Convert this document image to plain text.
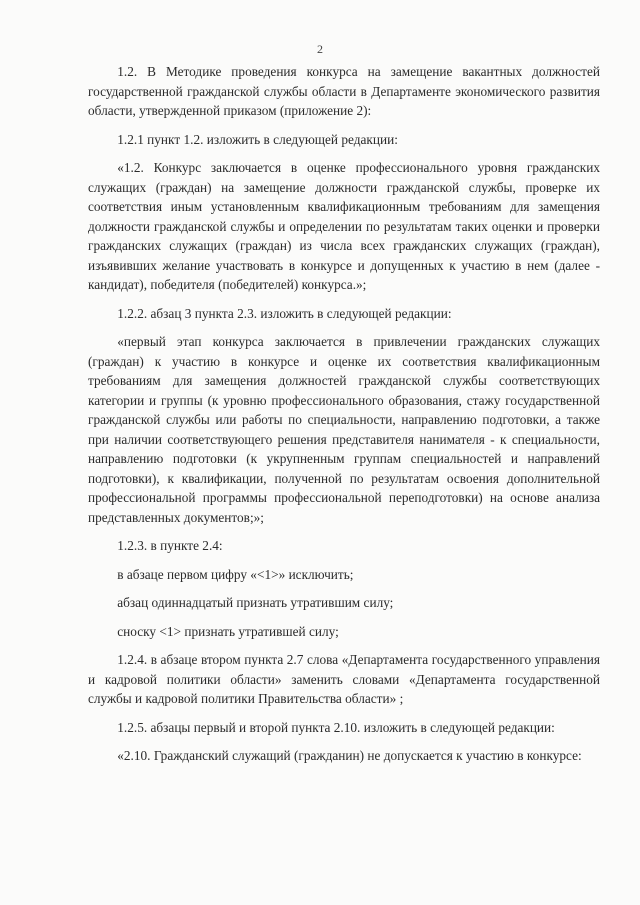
2

1.2. В Методике проведения конкурса на замещение вакантных должностей государственной гражданской службы области в Департаменте экономического развития области, утвержденной приказом (приложение 2):

1.2.1 пункт 1.2. изложить в следующей редакции:

«1.2. Конкурс заключается в оценке профессионального уровня гражданских служащих (граждан) на замещение должности гражданской службы, проверке их соответствия иным установленным квалификационным требованиям для замещения должности гражданской службы и определении по результатам таких оценки и проверки гражданских служащих (граждан) из числа всех гражданских служащих (граждан), изъявивших желание участвовать в конкурсе и допущенных к участию в нем (далее - кандидат), победителя (победителей) конкурса.»;

1.2.2. абзац 3 пункта 2.3. изложить в следующей редакции:

«первый этап конкурса заключается в привлечении гражданских служащих (граждан) к участию в конкурсе и оценке их соответствия квалификационным требованиям для замещения должностей гражданской службы соответствующих категории и группы (к уровню профессионального образования, стажу государственной гражданской службы или работы по специальности, направлению подготовки, а также при наличии соответствующего решения представителя нанимателя - к специальности, направлению подготовки (к укрупненным группам специальностей и направлений подготовки), к квалификации, полученной по результатам освоения дополнительной профессиональной программы профессиональной переподготовки) на основе анализа представленных документов;»;

1.2.3. в пункте 2.4:

в абзаце первом цифру «<1>» исключить;

абзац одиннадцатый признать утратившим силу;

сноску <1> признать утратившей силу;

1.2.4. в абзаце втором пункта 2.7 слова «Департамента государственного управления и кадровой политики области» заменить словами «Департамента государственной службы и кадровой политики Правительства области» ;

1.2.5. абзацы первый и второй пункта 2.10. изложить в следующей редакции:

«2.10. Гражданский служащий (гражданин) не допускается к участию в конкурсе:
